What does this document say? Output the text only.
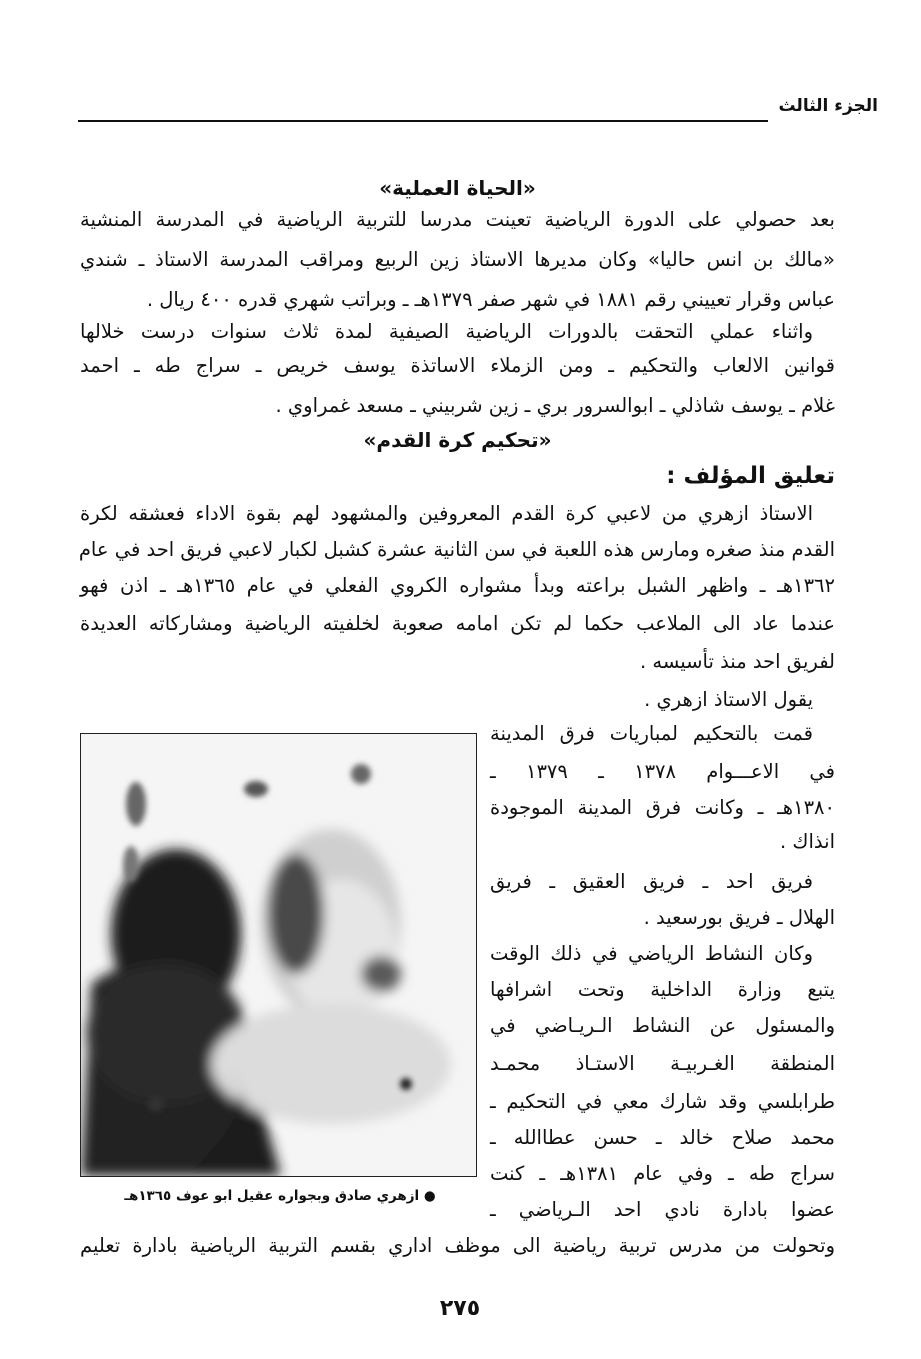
الجزء الثالث
«الحياة العملية»
بعد حصولي على الدورة الرياضية تعينت مدرسا للتربية الرياضية في المدرسة المنشية
«مالك بن انس حاليا» وكان مديرها الاستاذ زين الربيع ومراقب المدرسة الاستاذ ـ شندي
عباس وقرار تعييني رقم ١٨٨١ في شهر صفر ١٣٧٩هـ ـ وبراتب شهري قدره ٤٠٠ ريال .
واثناء عملي التحقت بالدورات الرياضية الصيفية لمدة ثلاث سنوات درست خلالها
قوانين الالعاب والتحكيم ـ ومن الزملاء الاساتذة يوسف خريص ـ سراج طه ـ احمد
غلام ـ يوسف شاذلي ـ ابوالسرور بري ـ زين شربيني ـ مسعد غمراوي .
«تحكيم كرة القدم»
تعليق المؤلف :
الاستاذ ازهري من لاعبي كرة القدم المعروفين والمشهود لهم بقوة الاداء فعشقه لكرة
القدم منذ صغره ومارس هذه اللعبة في سن الثانية عشرة كشبل لكبار لاعبي فريق احد في عام
١٣٦٢هـ ـ واظهر الشبل براعته وبدأ مشواره الكروي الفعلي في عام ١٣٦٥هـ ـ اذن فهو
عندما عاد الى الملاعب حكما لم تكن امامه صعوبة لخلفيته الرياضية ومشاركاته العديدة
لفريق احد منذ تأسيسه .
يقول الاستاذ ازهري .
قمت بالتحكيم لمباريات فرق المدينة
في الاعـــوام ١٣٧٨ ـ ١٣٧٩ ـ
١٣٨٠هـ ـ وكانت فرق المدينة الموجودة
انذاك .
فريق احد ـ فريق العقيق ـ فريق
الهلال ـ فريق بورسعيد .
وكان النشاط الرياضي في ذلك الوقت
يتبع وزارة الداخلية وتحت اشرافها
والمسئول عن النشاط الـريـاضي في
المنطقة الغـربيـة الاستـاذ محمـد
طرابلسي وقد شارك معي في التحكيم ـ
محمد صلاح خالد ـ حسن عطاالله ـ
سراج طه ـ وفي عام ١٣٨١هـ ـ كنت
عضوا بادارة نادي احد الـرياضي ـ
وتحولت من مدرس تربية رياضية الى موظف اداري بقسم التربية الرياضية بادارة تعليم
● ازهري صادق وبجواره عقيل ابو عوف ١٣٦٥هـ
٢٧٥
